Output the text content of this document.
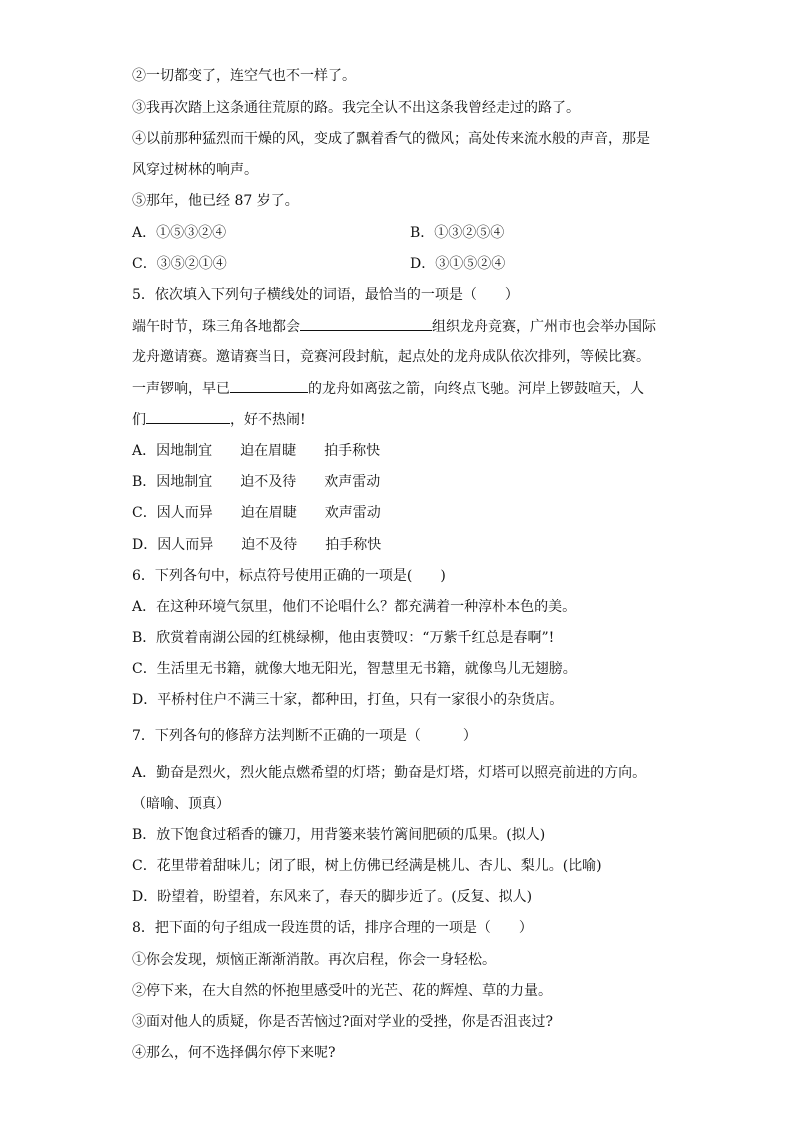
②一切都变了，连空气也不一样了。
③我再次踏上这条通往荒原的路。我完全认不出这条我曾经走过的路了。
④以前那种猛烈而干燥的风，变成了飘着香气的微风；高处传来流水般的声音，那是
风穿过树林的响声。
⑤那年，他已经 87 岁了。
A．①⑤③②④	B．①③②⑤④
C．③⑤②①④	D．③①⑤②④
5．依次填入下列句子横线处的词语，最恰当的一项是（　　）
端午时节，珠三角各地都会	组织龙舟竞赛，广州市也会举办国际
龙舟邀请赛。邀请赛当日，竞赛河段封航，起点处的龙舟成队依次排列，等候比赛。
一声锣响，早已	的龙舟如离弦之箭，向终点飞驰。河岸上锣鼓喧天，人
们	，好不热闹!
A．因地制宜 迫在眉睫 拍手称快
B．因地制宜 迫不及待 欢声雷动
C．因人而异 迫在眉睫 欢声雷动
D．因人而异 迫不及待 拍手称快
6．下列各句中，标点符号使用正确的一项是(　　)
A．在这种环境气氛里，他们不论唱什么？都充满着一种淳朴本色的美。
B．欣赏着南湖公园的红桃绿柳，他由衷赞叹：“万紫千红总是春啊”!
C．生活里无书籍，就像大地无阳光，智慧里无书籍，就像鸟儿无翅膀。
D．平桥村住户不满三十家，都种田，打鱼，只有一家很小的杂货店。
7．下列各句的修辞方法判断不正确的一项是（　　　）
A．勤奋是烈火，烈火能点燃希望的灯塔；勤奋是灯塔，灯塔可以照亮前进的方向。
（暗喻、顶真）
B．放下饱食过稻香的镰刀，用背篓来装竹篱间肥硕的瓜果。(拟人)
C．花里带着甜味儿；闭了眼，树上仿佛已经满是桃儿、杏儿、梨儿。(比喻)
D．盼望着，盼望着，东风来了，春天的脚步近了。(反复、拟人)
8．把下面的句子组成一段连贯的话，排序合理的一项是（　　）
①你会发现，烦恼正渐渐消散。再次启程，你会一身轻松。
②停下来，在大自然的怀抱里感受叶的光芒、花的辉煌、草的力量。
③面对他人的质疑，你是否苦恼过?面对学业的受挫，你是否沮丧过?
④那么，何不选择偶尔停下来呢?
